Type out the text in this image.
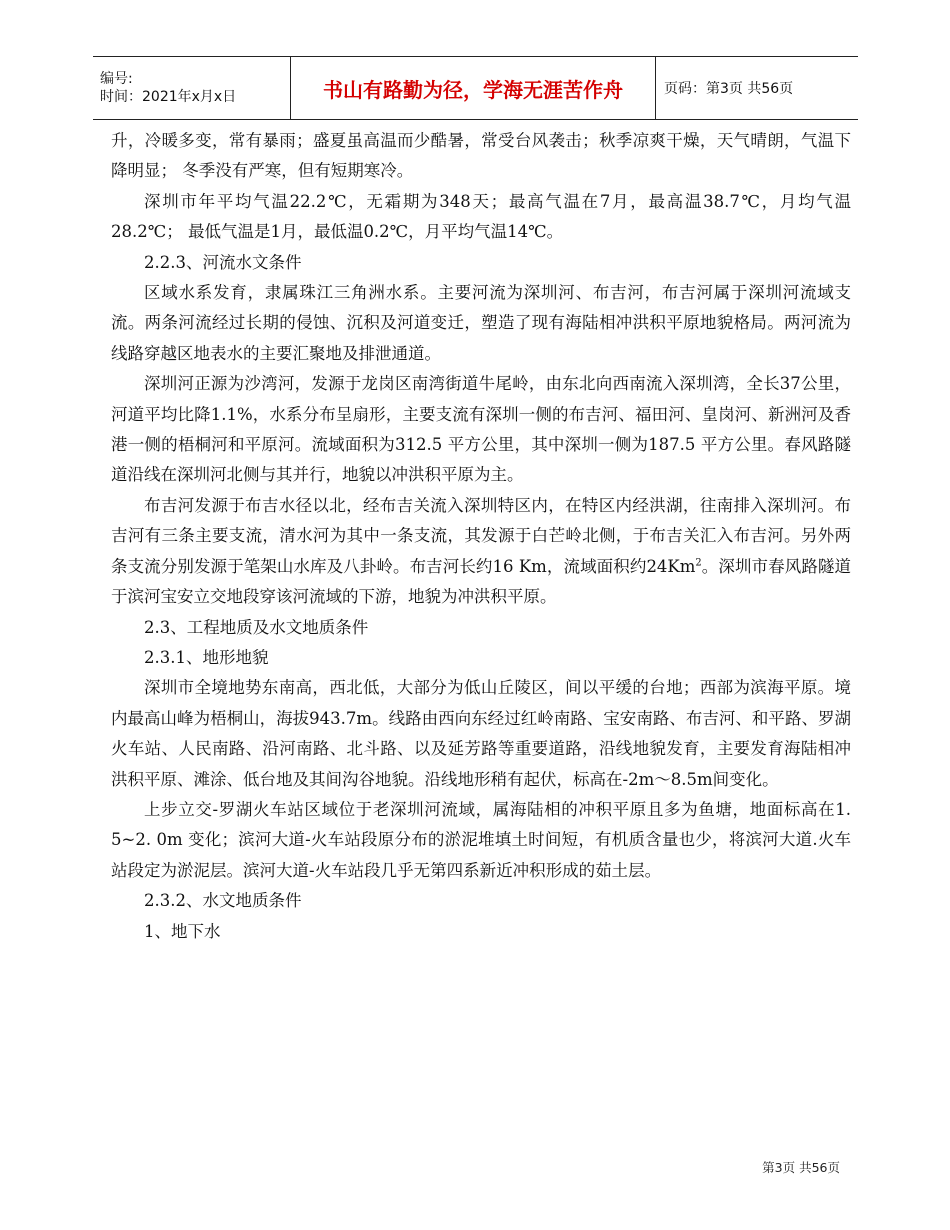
编号:
时间：2021年x月x日	书山有路勤为径，学海无涯苦作舟	页码：第3页 共56页

升，冷暖多变，常有暴雨；盛夏虽高温而少酷暑，常受台风袭击；秋季凉爽干燥，天气晴朗，气温下降明显； 冬季没有严寒，但有短期寒冷。

深圳市年平均气温22.2℃，无霜期为348天；最高气温在7月，最高温38.7℃，月均气温28.2℃； 最低气温是1月，最低温0.2℃，月平均气温14℃。

2.2.3、河流水文条件

区域水系发育，隶属珠江三角洲水系。主要河流为深圳河、布吉河，布吉河属于深圳河流域支流。两条河流经过长期的侵蚀、沉积及河道变迁，塑造了现有海陆相冲洪积平原地貌格局。两河流为线路穿越区地表水的主要汇聚地及排泄通道。

深圳河正源为沙湾河，发源于龙岗区南湾街道牛尾岭，由东北向西南流入深圳湾，全长37公里，河道平均比降1.1%，水系分布呈扇形，主要支流有深圳一侧的布吉河、福田河、皇岗河、新洲河及香港一侧的梧桐河和平原河。流域面积为312.5 平方公里，其中深圳一侧为187.5 平方公里。春风路隧道沿线在深圳河北侧与其并行，地貌以冲洪积平原为主。

布吉河发源于布吉水径以北，经布吉关流入深圳特区内，在特区内经洪湖，往南排入深圳河。布吉河有三条主要支流，清水河为其中一条支流，其发源于白芒岭北侧，于布吉关汇入布吉河。另外两条支流分别发源于笔架山水库及八卦岭。布吉河长约16 Km，流域面积约24Km$^2$。深圳市春风路隧道于滨河宝安立交地段穿该河流域的下游，地貌为冲洪积平原。

2.3、工程地质及水文地质条件

2.3.1、地形地貌

深圳市全境地势东南高，西北低，大部分为低山丘陵区，间以平缓的台地；西部为滨海平原。境内最高山峰为梧桐山，海拔943.7m。线路由西向东经过红岭南路、宝安南路、布吉河、和平路、罗湖火车站、人民南路、沿河南路、北斗路、以及延芳路等重要道路，沿线地貌发育，主要发育海陆相冲洪积平原、滩涂、低台地及其间沟谷地貌。沿线地形稍有起伏，标高在-2m～8.5m间变化。

上步立交-罗湖火车站区域位于老深圳河流域，属海陆相的冲积平原且多为鱼塘，地面标高在1. 5~2. 0m 变化；滨河大道-火车站段原分布的淤泥堆填土时间短，有机质含量也少，将滨河大道.火车站段定为淤泥层。滨河大道-火车站段几乎无第四系新近冲积形成的茹土层。

2.3.2、水文地质条件

1、地下水

第3页 共56页
